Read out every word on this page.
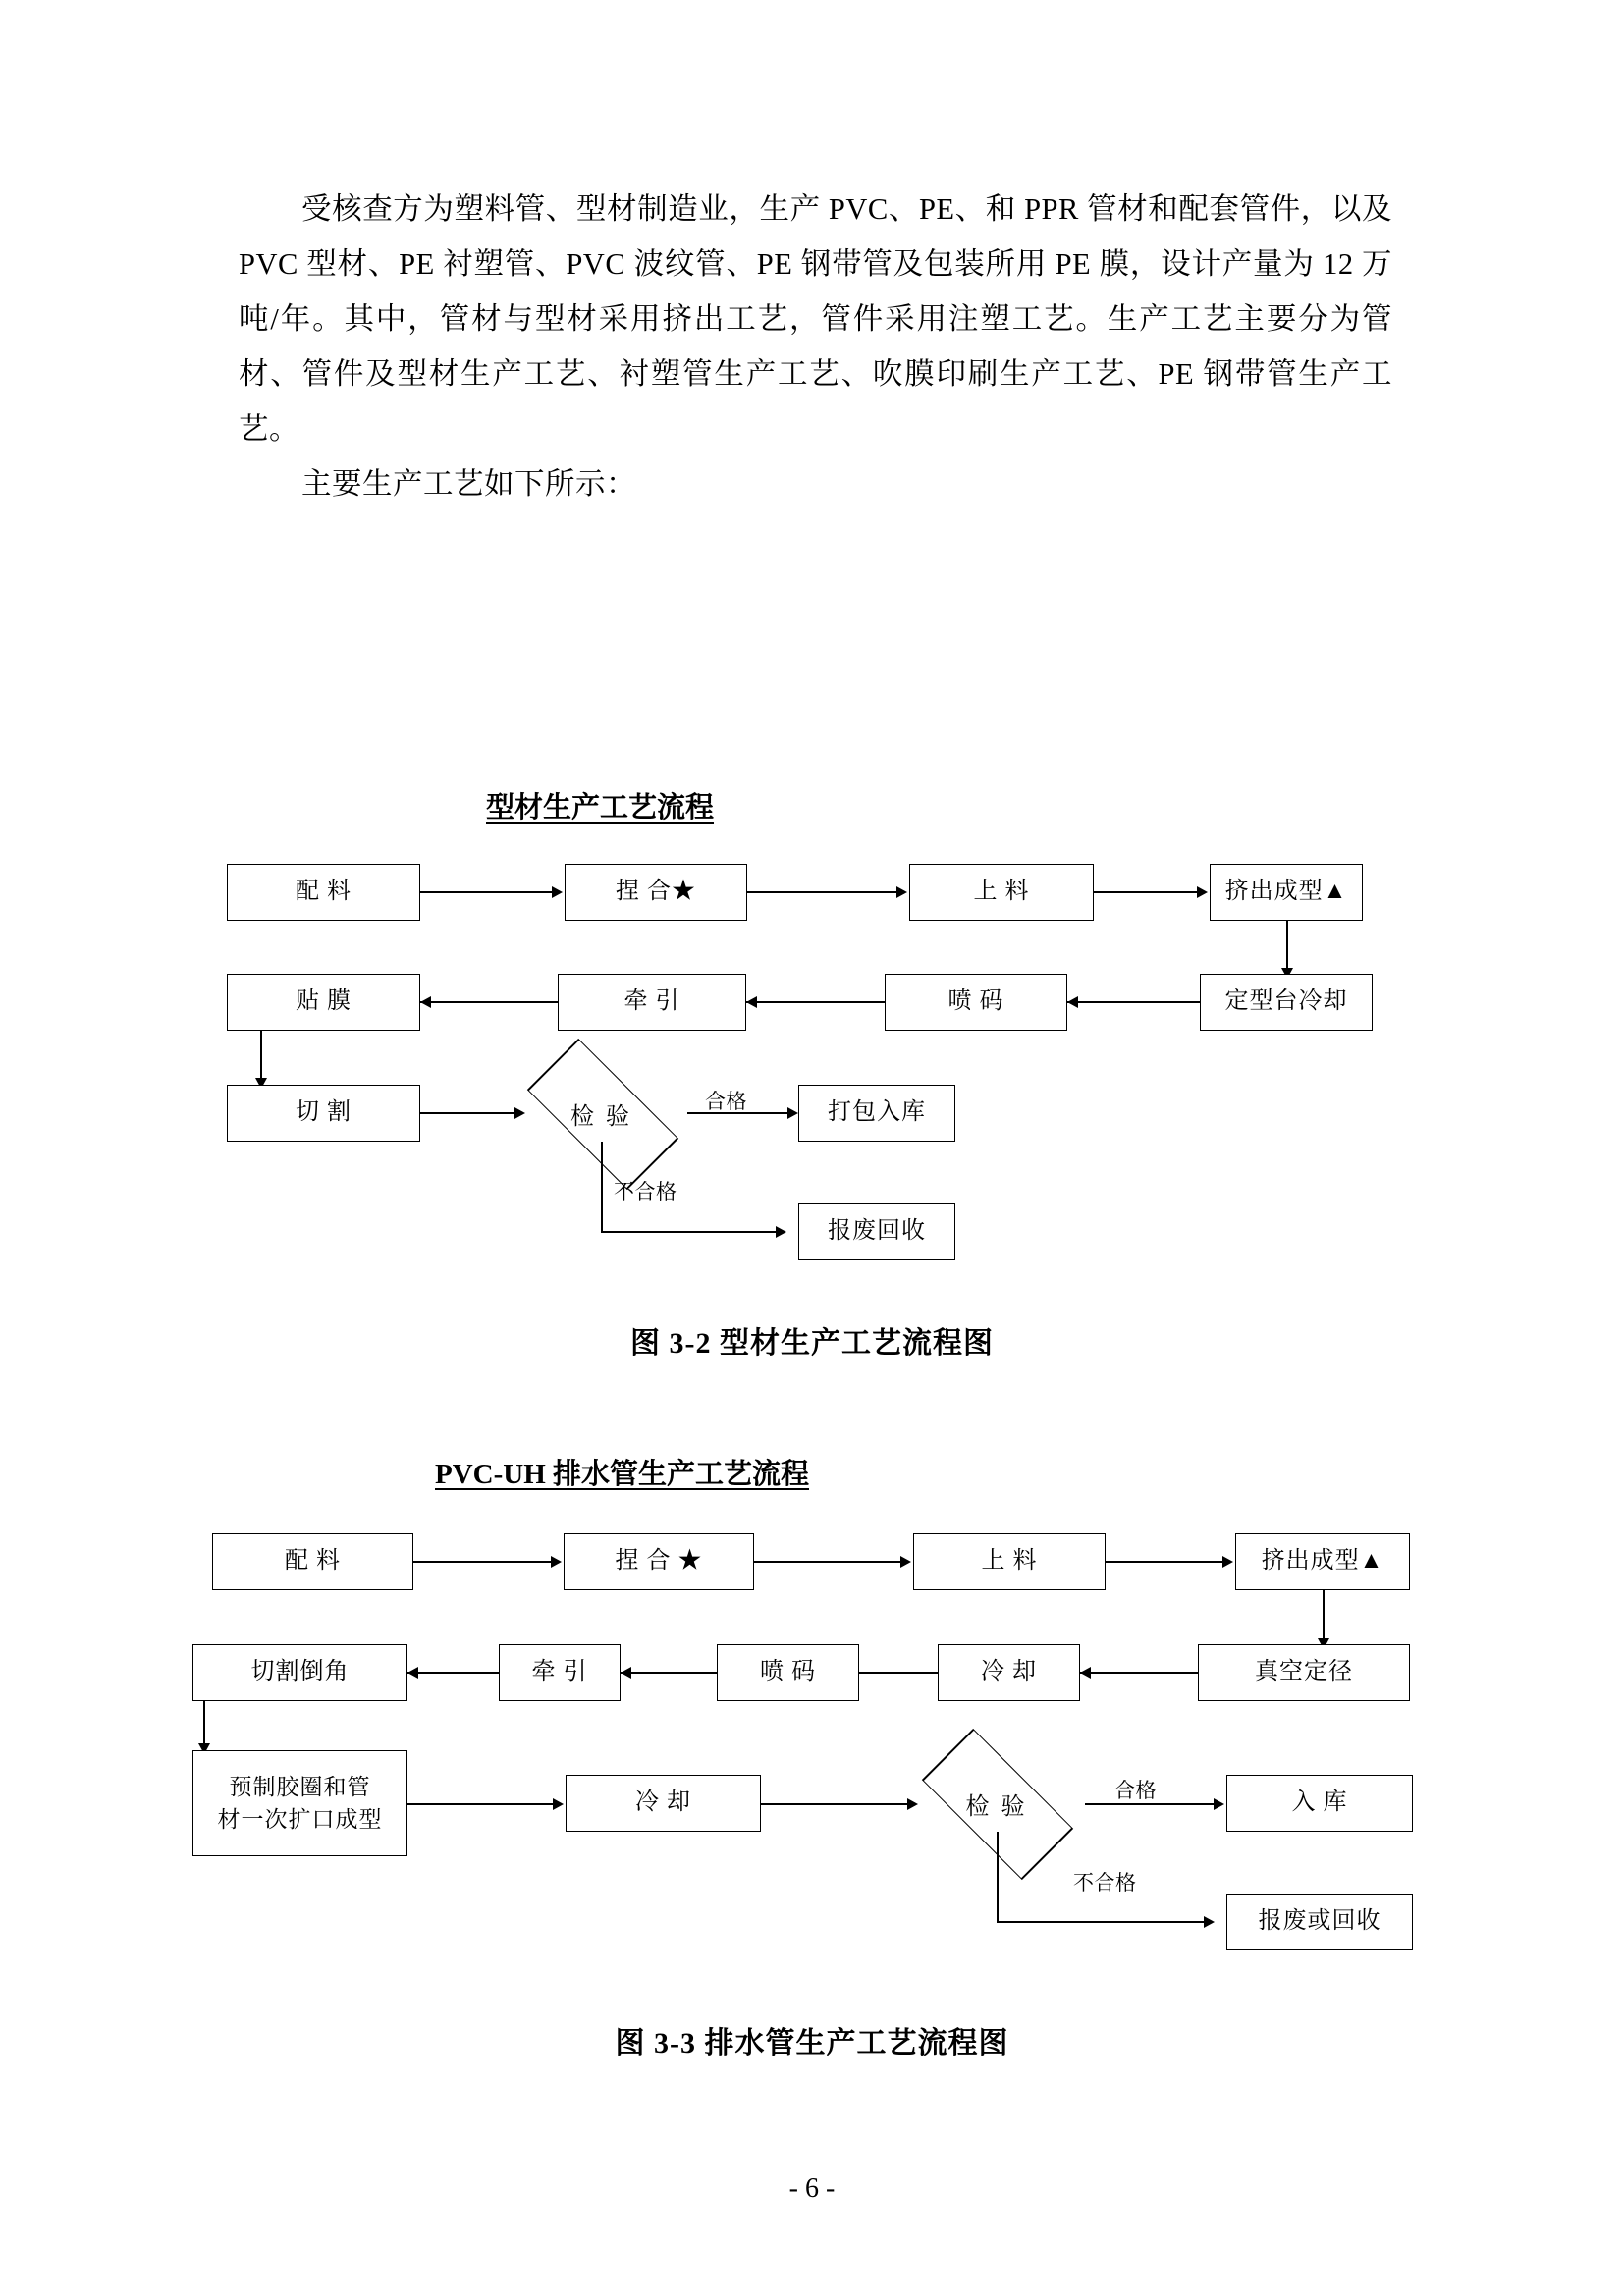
受核查方为塑料管、型材制造业，生产 PVC、PE、和 PPR 管材和配套管件，以及 PVC 型材、PE 衬塑管、PVC 波纹管、PE 钢带管及包装所用 PE 膜，设计产量为 12 万吨/年。其中，管材与型材采用挤出工艺，管件采用注塑工艺。生产工艺主要分为管材、管件及型材生产工艺、衬塑管生产工艺、吹膜印刷生产工艺、PE 钢带管生产工艺。

主要生产工艺如下所示：

型材生产工艺流程
配 料	捏 合★	上 料	挤出成型▲
定型台冷却
喷 码
牵 引
贴 膜
切 割	检 验
合格	打包入库
不合格
报废回收
图 3-2 型材生产工艺流程图
PVC-UH 排水管生产工艺流程
配 料	捏 合 ★	上 料	挤出成型▲
真空定径
冷 却
喷 码
牵 引
切割倒角
预制胶圈和管
材一次扩口成型
冷 却	检 验
合格	入 库
不合格
报废或回收
图 3-3 排水管生产工艺流程图
- 6 -
